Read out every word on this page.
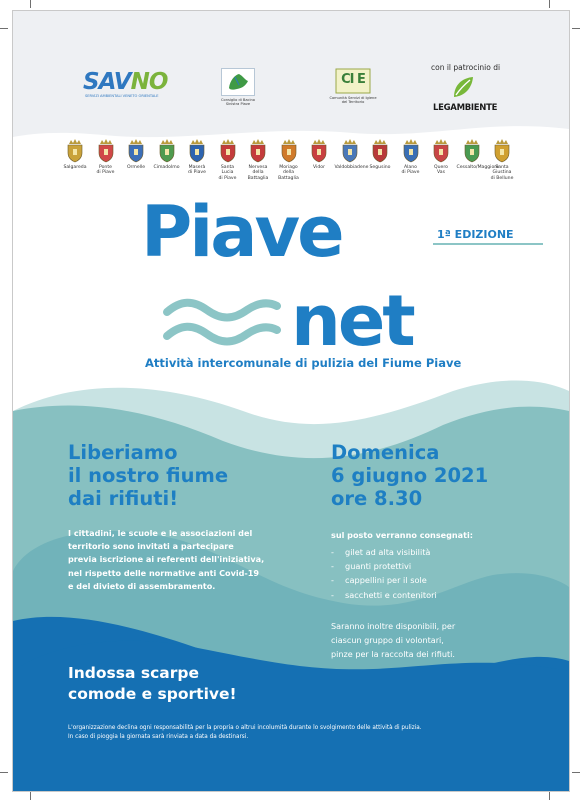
SAVNO
SERVIZI AMBIENTALI VENETO ORIENTALE
Consiglio di Bacino Sinistra Piave
CI E
Comunità Servizi di Igiene del Territorio
con il patrocinio di
LEGAMBIENTE
Salgareda	Ponte
di Piave
Ormelle	Cimadolmo	Maserà
di Piave
Santa
Lucia
di Piave
Nervesa
della
Battaglia
Moriago
della
Battaglia
Vidor	Valdobbiadene Segusino	Alano
di Piave
Quero
Vas
Cessalto/Maggiore
Santa
Giustina
di Bellune
1ª EDIZIONE
Piave
net
Attività intercomunale di pulizia del Fiume Piave
Liberiamo
il nostro fiume
dai rifiuti!
Domenica
6 giugno 2021
ore 8.30
I cittadini, le scuole e le associazioni del
territorio sono invitati a partecipare
previa iscrizione ai referenti dell'iniziativa,
nel rispetto delle normative anti Covid-19
e del divieto di assembramento.
sul posto verranno consegnati:
- gilet ad alta visibilità
- guanti protettivi
- cappellini per il sole
- sacchetti e contenitori
Saranno inoltre disponibili, per
ciascun gruppo di volontari,
pinze per la raccolta dei rifiuti.
Indossa scarpe
comode e sportive!
L'organizzazione declina ogni responsabilità per la propria o altrui incolumità durante lo svolgimento delle attività di pulizia.
In caso di pioggia la giornata sarà rinviata a data da destinarsi.
